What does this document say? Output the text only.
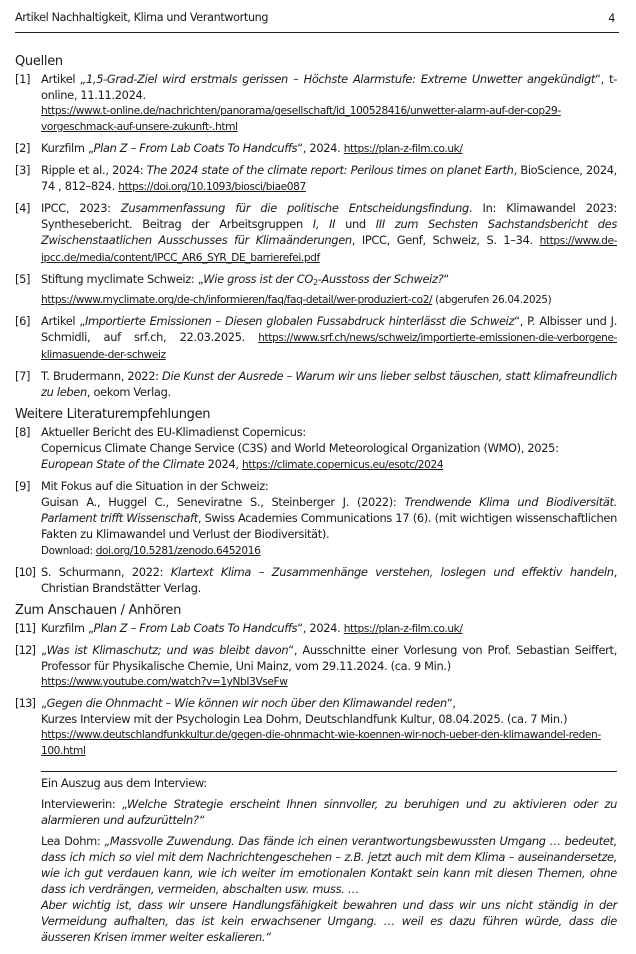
Artikel Nachhaltigkeit, Klima und Verantwortung	4
Quellen
[1] Artikel „1,5-Grad-Ziel wird erstmals gerissen – Höchste Alarmstufe: Extreme Unwetter angekündigt“, t-online, 11.11.2024.
https://www.t-online.de/nachrichten/panorama/gesellschaft/id_100528416/unwetter-alarm-auf-der-cop29-vorgeschmack-auf-unsere-zukunft-.html
[2] Kurzfilm „Plan Z – From Lab Coats To Handcuffs“, 2024. https://plan-z-film.co.uk/
[3] Ripple et al., 2024: The 2024 state of the climate report: Perilous times on planet Earth, BioScience, 2024, 74 , 812–824. https://doi.org/10.1093/biosci/biae087
[4] IPCC, 2023: Zusammenfassung für die politische Entscheidungsfindung. In: Klimawandel 2023: Synthesebericht. Beitrag der Arbeitsgruppen I, II und III zum Sechsten Sachstandsbericht des Zwischenstaatlichen Ausschusses für Klimaänderungen, IPCC, Genf, Schweiz, S. 1–34. https://www.de-ipcc.de/media/content/IPCC_AR6_SYR_DE_barrierefei.pdf
[5] Stiftung myclimate Schweiz: „Wie gross ist der $CO_2$-Ausstoss der Schweiz?“
https://www.myclimate.org/de-ch/informieren/faq/faq-detail/wer-produziert-co2/ (abgerufen 26.04.2025)
[6] Artikel „Importierte Emissionen – Diesen globalen Fussabdruck hinterlässt die Schweiz“, P. Albisser und J. Schmidli, auf srf.ch, 22.03.2025. https://www.srf.ch/news/schweiz/importierte-emissionen-die-verborgene-klimasuende-der-schweiz
[7] T. Brudermann, 2022: Die Kunst der Ausrede – Warum wir uns lieber selbst täuschen, statt klimafreundlich zu leben, oekom Verlag.
Weitere Literaturempfehlungen
[8] Aktueller Bericht des EU-Klimadienst Copernicus:
Copernicus Climate Change Service (C3S) and World Meteorological Organization (WMO), 2025:
European State of the Climate 2024, https://climate.copernicus.eu/esotc/2024
[9] Mit Fokus auf die Situation in der Schweiz:
Guisan A., Huggel C., Seneviratne S., Steinberger J. (2022): Trendwende Klima und Biodiversität. Parlament trifft Wissenschaft, Swiss Academies Communications 17 (6). (mit wichtigen wissenschaftlichen Fakten zu Klimawandel und Verlust der Biodiversität).
Download: doi.org/10.5281/zenodo.6452016
[10] S. Schurmann, 2022: Klartext Klima – Zusammenhänge verstehen, loslegen und effektiv handeln, Christian Brandstätter Verlag.
Zum Anschauen / Anhören
[11] Kurzfilm „Plan Z – From Lab Coats To Handcuffs“, 2024. https://plan-z-film.co.uk/
[12] „Was ist Klimaschutz; und was bleibt davon“, Ausschnitte einer Vorlesung von Prof. Sebastian Seiffert, Professor für Physikalische Chemie, Uni Mainz, vom 29.11.2024. (ca. 9 Min.)
https://www.youtube.com/watch?v=1yNbI3VseFw
[13] „Gegen die Ohnmacht – Wie können wir noch über den Klimawandel reden“,
Kurzes Interview mit der Psychologin Lea Dohm, Deutschlandfunk Kultur, 08.04.2025. (ca. 7 Min.)
https://www.deutschlandfunkkultur.de/gegen-die-ohnmacht-wie-koennen-wir-noch-ueber-den-klimawandel-reden-100.html

Ein Auszug aus dem Interview:

Interviewerin: „Welche Strategie erscheint Ihnen sinnvoller, zu beruhigen und zu aktivieren oder zu alarmieren und aufzurütteln?“

Lea Dohm: „Massvolle Zuwendung. Das fände ich einen verantwortungsbewussten Umgang … bedeutet, dass ich mich so viel mit dem Nachrichtengeschehen – z.B. jetzt auch mit dem Klima – auseinandersetze, wie ich gut verdauen kann, wie ich weiter im emotionalen Kontakt sein kann mit diesen Themen, ohne dass ich verdrängen, vermeiden, abschalten usw. muss. …
Aber wichtig ist, dass wir unsere Handlungsfähigkeit bewahren und dass wir uns nicht ständig in der Vermeidung aufhalten, das ist kein erwachsener Umgang. … weil es dazu führen würde, dass die äusseren Krisen immer weiter eskalieren.“
